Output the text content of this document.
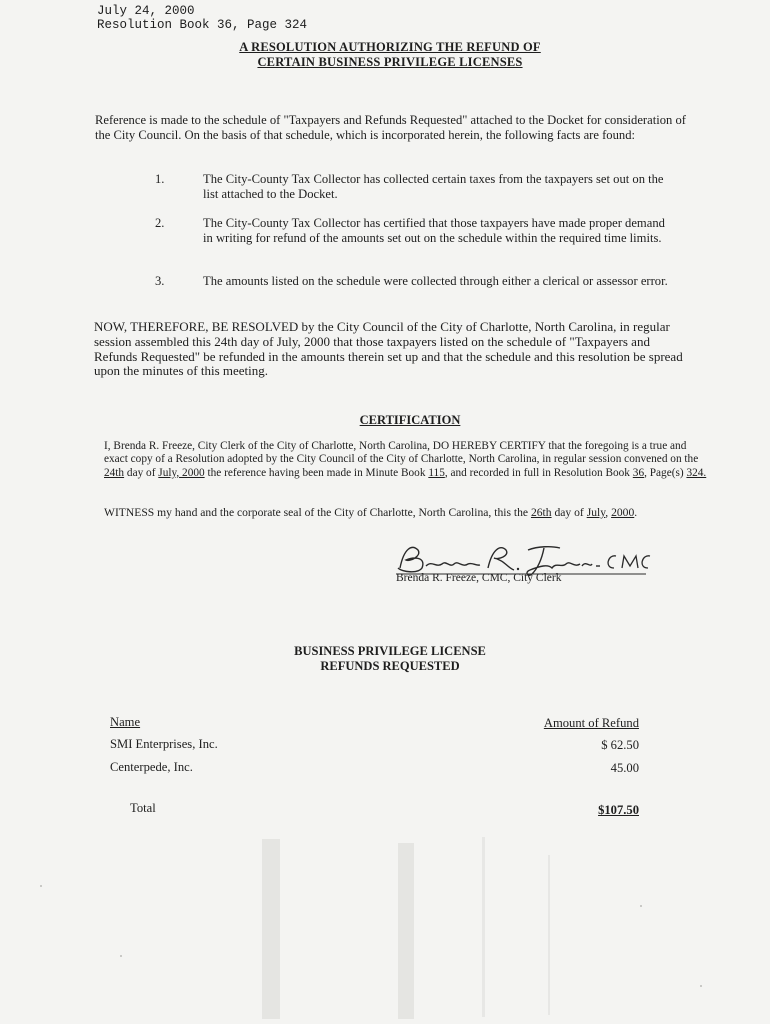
July 24, 2000
Resolution Book 36, Page 324
A RESOLUTION AUTHORIZING THE REFUND OF
CERTAIN BUSINESS PRIVILEGE LICENSES
Reference is made to the schedule of "Taxpayers and Refunds Requested" attached to the Docket for consideration of the City Council. On the basis of that schedule, which is incorporated herein, the following facts are found:
1.	The City-County Tax Collector has collected certain taxes from the taxpayers set out on the list attached to the Docket.
2.	The City-County Tax Collector has certified that those taxpayers have made proper demand in writing for refund of the amounts set out on the schedule within the required time limits.
3.	The amounts listed on the schedule were collected through either a clerical or assessor error.
NOW, THEREFORE, BE RESOLVED by the City Council of the City of Charlotte, North Carolina, in regular session assembled this 24th day of July, 2000 that those taxpayers listed on the schedule of "Taxpayers and Refunds Requested" be refunded in the amounts therein set up and that the schedule and this resolution be spread upon the minutes of this meeting.
CERTIFICATION
I, Brenda R. Freeze, City Clerk of the City of Charlotte, North Carolina, DO HEREBY CERTIFY that the foregoing is a true and exact copy of a Resolution adopted by the City Council of the City of Charlotte, North Carolina, in regular session convened on the 24th day of July, 2000 the reference having been made in Minute Book 115, and recorded in full in Resolution Book 36, Page(s) 324.
WITNESS my hand and the corporate seal of the City of Charlotte, North Carolina, this the 26th day of July, 2000.
Brenda R. Freeze, CMC, City Clerk
BUSINESS PRIVILEGE LICENSE
REFUNDS REQUESTED
Name	Amount of Refund
SMI Enterprises, Inc.	$ 62.50
Centerpede, Inc.	45.00
Total	$107.50
